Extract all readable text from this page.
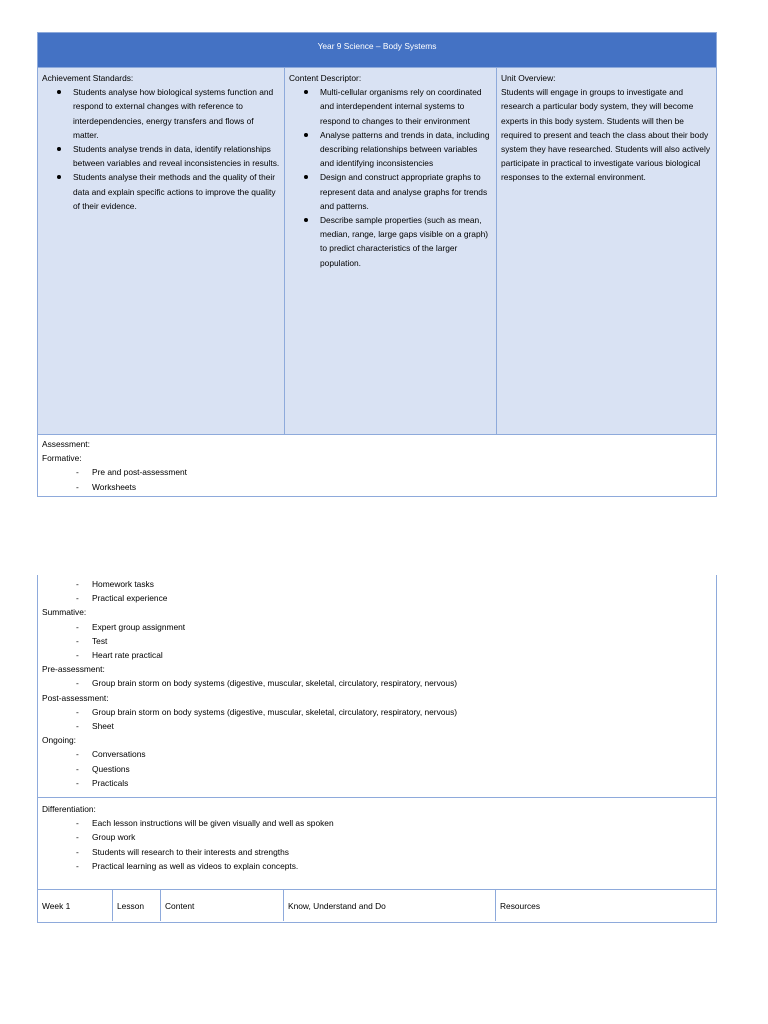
Year 9 Science – Body Systems
Achievement Standards:
Students analyse how biological systems function and respond to external changes with reference to interdependencies, energy transfers and flows of matter.
Students analyse trends in data, identify relationships between variables and reveal inconsistencies in results.
Students analyse their methods and the quality of their data and explain specific actions to improve the quality of their evidence.
Content Descriptor:
Multi-cellular organisms rely on coordinated and interdependent internal systems to respond to changes to their environment
Analyse patterns and trends in data, including describing relationships between variables and identifying inconsistencies
Design and construct appropriate graphs to represent data and analyse graphs for trends and patterns.
Describe sample properties (such as mean, median, range, large gaps visible on a graph) to predict characteristics of the larger population.
Unit Overview:
Students will engage in groups to investigate and research a particular body system, they will become experts in this body system. Students will then be required to present and teach the class about their body system they have researched. Students will also actively participate in practical to investigate various biological responses to the external environment.
Assessment:
Formative:
- Pre and post-assessment
- Worksheets
- Homework tasks
- Practical experience
Summative:
- Expert group assignment
- Test
- Heart rate practical
Pre-assessment:
- Group brain storm on body systems (digestive, muscular, skeletal, circulatory, respiratory, nervous)
Post-assessment:
- Group brain storm on body systems (digestive, muscular, skeletal, circulatory, respiratory, nervous)
- Sheet
Ongoing:
- Conversations
- Questions
- Practicals
Differentiation:
- Each lesson instructions will be given visually and well as spoken
- Group work
- Students will research to their interests and strengths
- Practical learning as well as videos to explain concepts.
Week 1	Lesson	Content	Know, Understand and Do	Resources
